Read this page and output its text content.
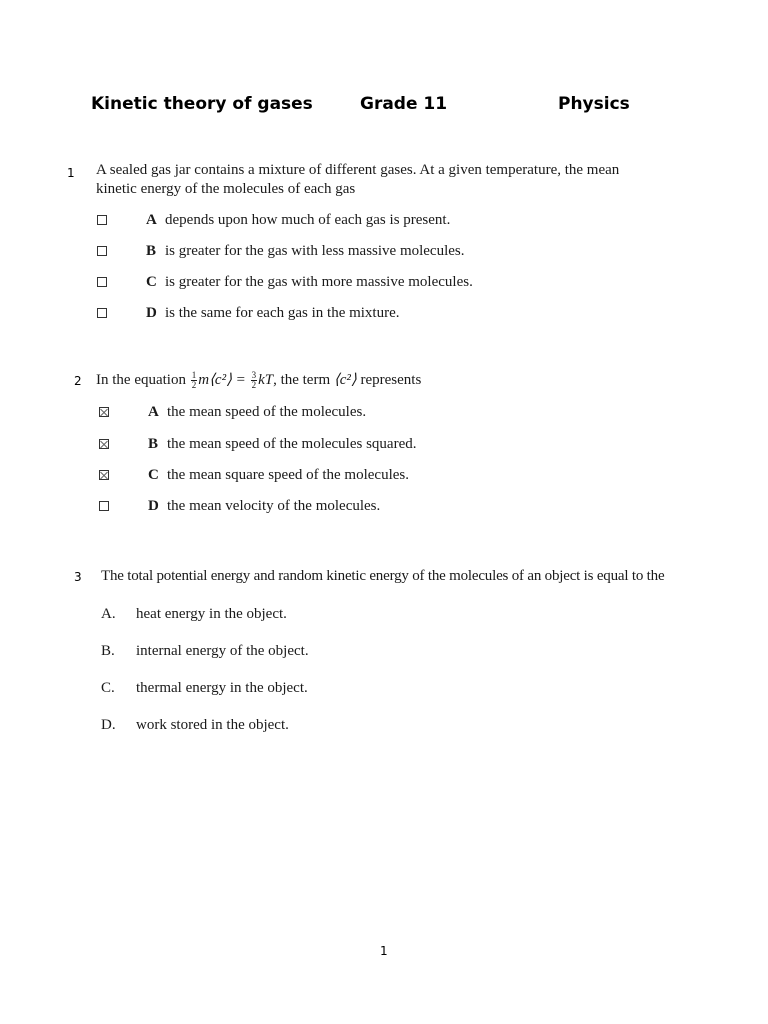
Kinetic theory of gases	Grade 11	Physics
1 A sealed gas jar contains a mixture of different gases. At a given temperature, the mean
kinetic energy of the molecules of each gas
A depends upon how much of each gas is present.
B is greater for the gas with less massive molecules.
C is greater for the gas with more massive molecules.
D is the same for each gas in the mixture.
2 In the equation $\frac{1}{2}$ m⟨c²⟩ = $\frac{3}{2}$ kT, the term ⟨c²⟩ represents
A the mean speed of the molecules.
B the mean speed of the molecules squared.
C the mean square speed of the molecules.
D the mean velocity of the molecules.
3 The total potential energy and random kinetic energy of the molecules of an object is equal to the
A. heat energy in the object.
B. internal energy of the object.
C. thermal energy in the object.
D. work stored in the object.
1
